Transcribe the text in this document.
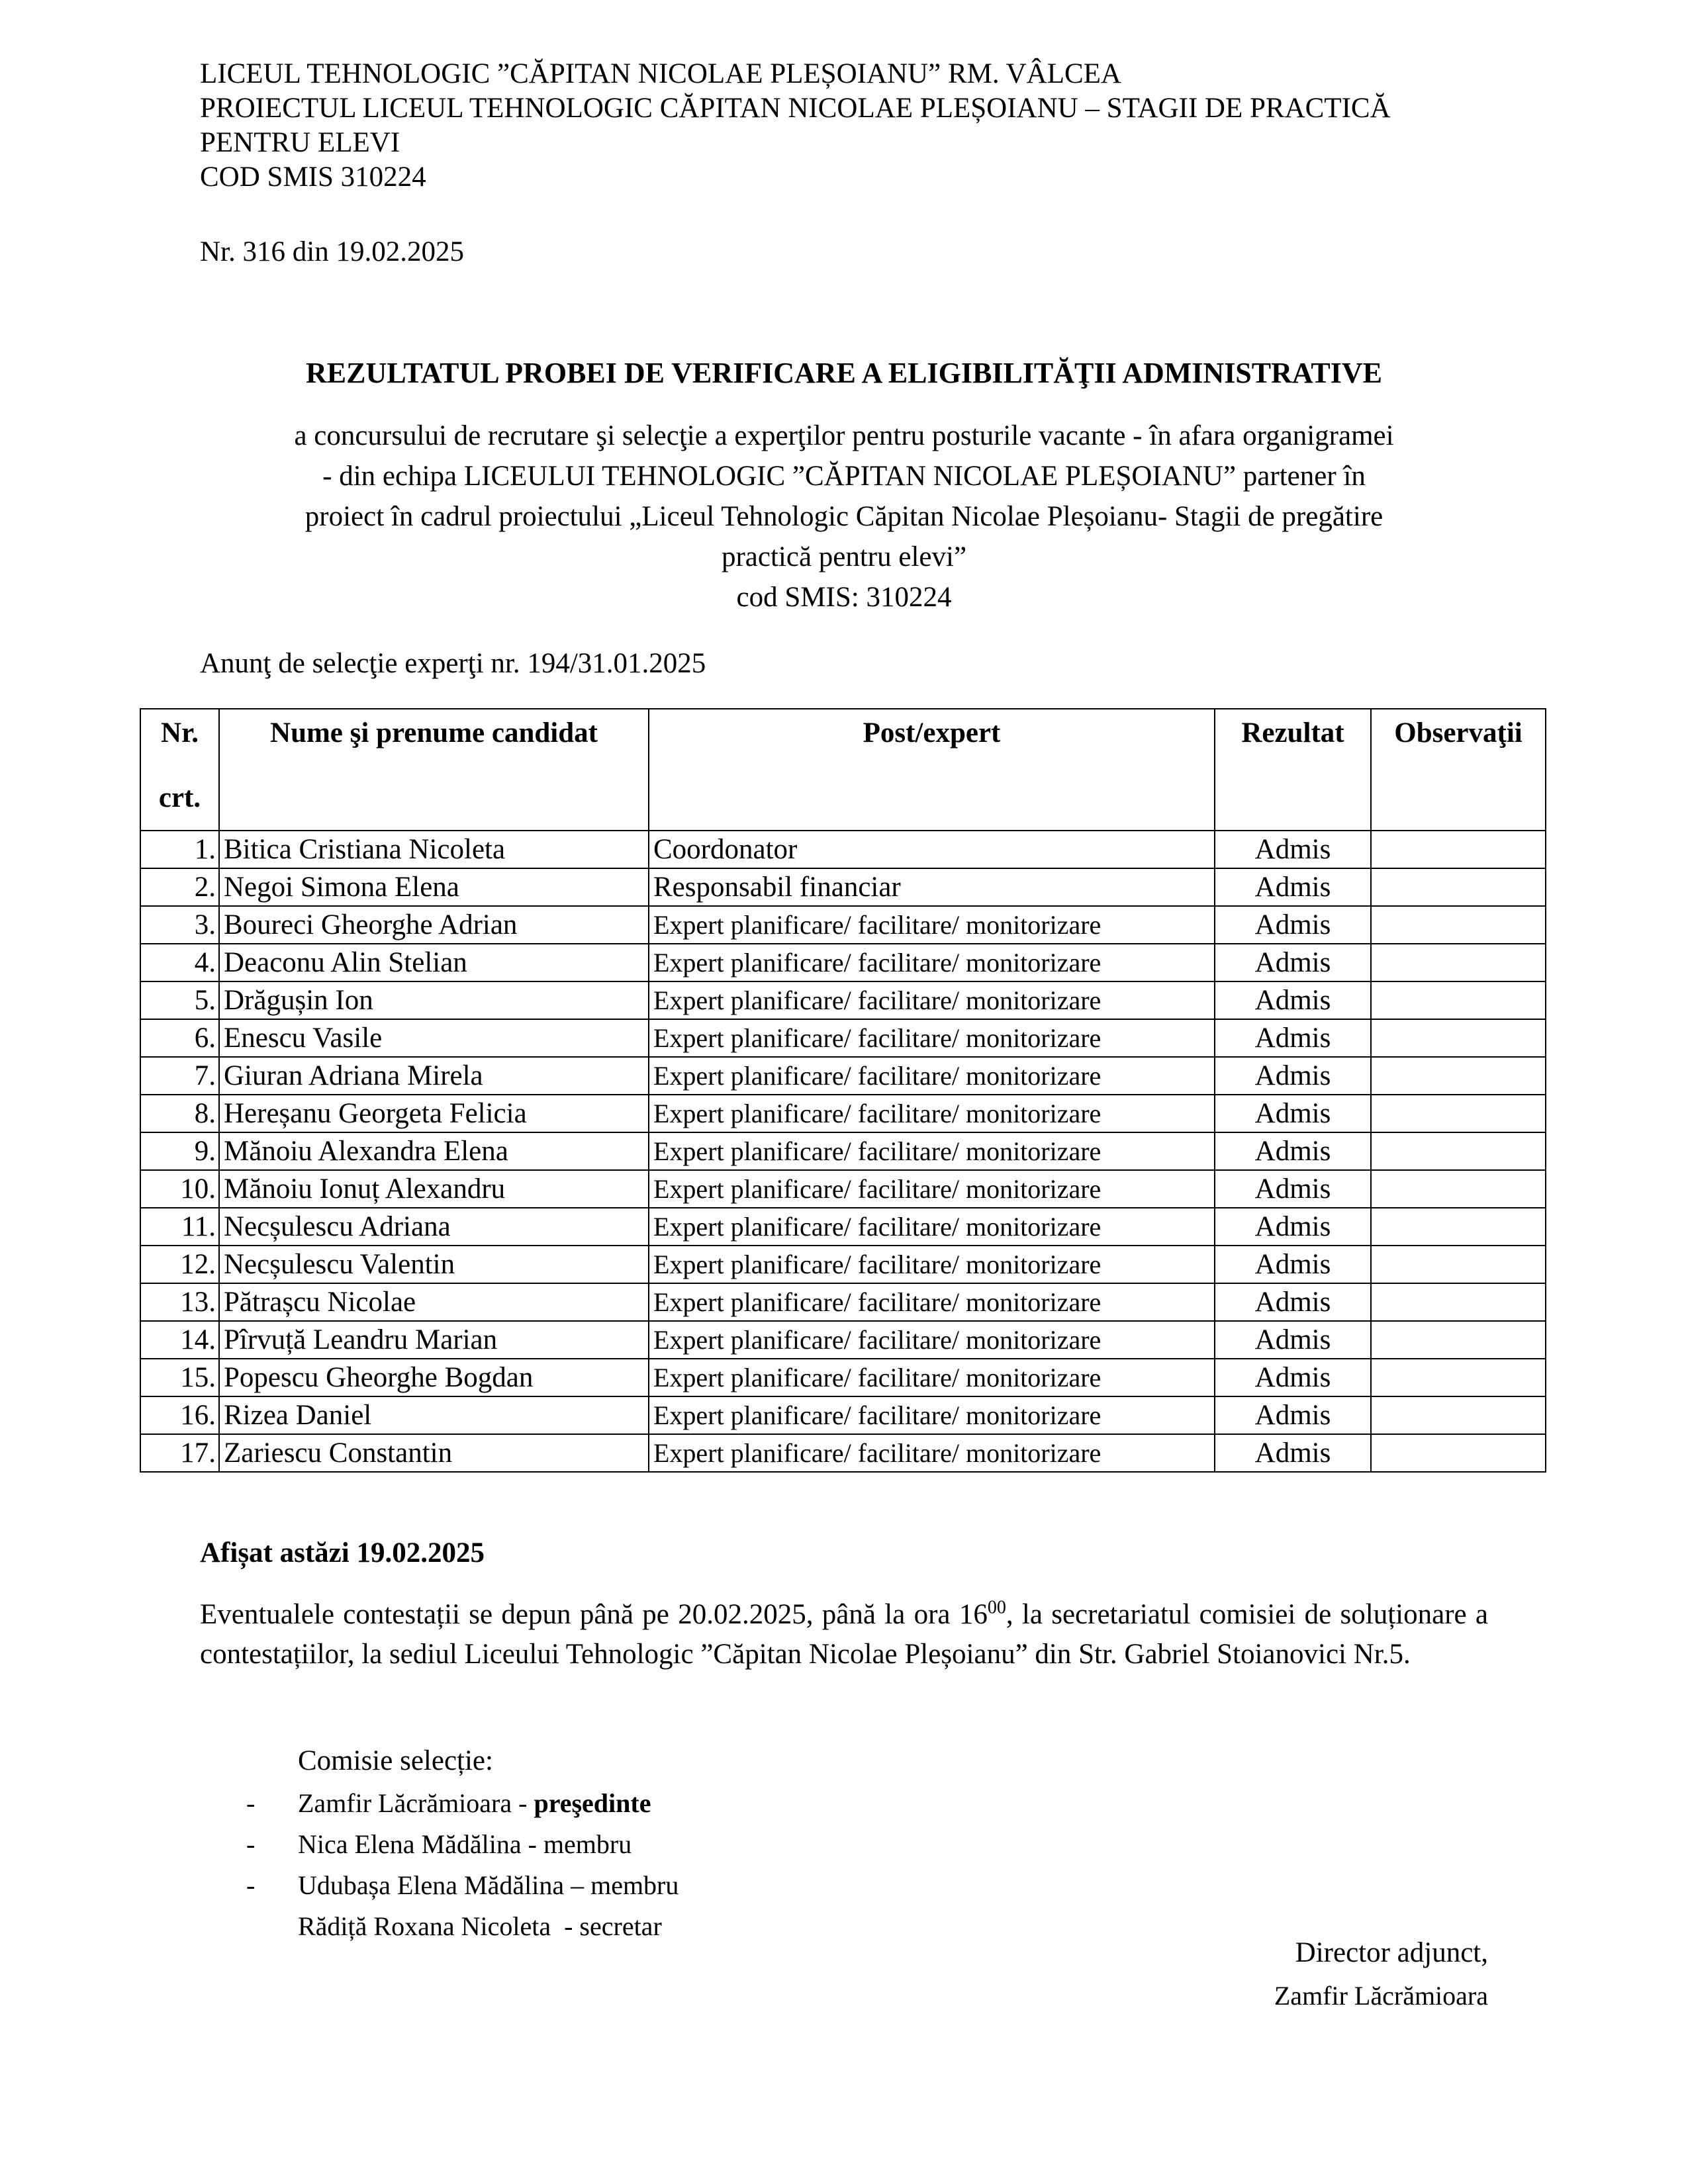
LICEUL TEHNOLOGIC ”CĂPITAN NICOLAE PLEȘOIANU” RM. VÂLCEA
PROIECTUL LICEUL TEHNOLOGIC CĂPITAN NICOLAE PLEȘOIANU – STAGII DE PRACTICĂ
PENTRU ELEVI
COD SMIS 310224
Nr. 316 din 19.02.2025
REZULTATUL PROBEI DE VERIFICARE A ELIGIBILITĂŢII ADMINISTRATIVE
a concursului de recrutare şi selecţie a experţilor pentru posturile vacante - în afara organigramei
- din echipa LICEULUI TEHNOLOGIC ”CĂPITAN NICOLAE PLEȘOIANU” partener în
proiect în cadrul proiectului „Liceul Tehnologic Căpitan Nicolae Pleșoianu- Stagii de pregătire
practică pentru elevi”
cod SMIS: 310224
Anunţ de selecţie experţi nr. 194/31.01.2025
Nr.
crt.	Nume şi prenume candidat	Post/expert	Rezultat	Observaţii
1.	Bitica Cristiana Nicoleta	Coordonator	Admis	
2.	Negoi Simona Elena	Responsabil financiar	Admis	
3.	Boureci Gheorghe Adrian	Expert planificare/ facilitare/ monitorizare	Admis	
4.	Deaconu Alin Stelian	Expert planificare/ facilitare/ monitorizare	Admis	
5.	Drăgușin Ion	Expert planificare/ facilitare/ monitorizare	Admis	
6.	Enescu Vasile	Expert planificare/ facilitare/ monitorizare	Admis	
7.	Giuran Adriana Mirela	Expert planificare/ facilitare/ monitorizare	Admis	
8.	Hereșanu Georgeta Felicia	Expert planificare/ facilitare/ monitorizare	Admis	
9.	Mănoiu Alexandra Elena	Expert planificare/ facilitare/ monitorizare	Admis	
10.	Mănoiu Ionuț Alexandru	Expert planificare/ facilitare/ monitorizare	Admis	
11.	Necșulescu Adriana	Expert planificare/ facilitare/ monitorizare	Admis	
12.	Necșulescu Valentin	Expert planificare/ facilitare/ monitorizare	Admis	
13.	Pătrașcu Nicolae	Expert planificare/ facilitare/ monitorizare	Admis	
14.	Pîrvuță Leandru Marian	Expert planificare/ facilitare/ monitorizare	Admis	
15.	Popescu Gheorghe Bogdan	Expert planificare/ facilitare/ monitorizare	Admis	
16.	Rizea Daniel	Expert planificare/ facilitare/ monitorizare	Admis	
17.	Zariescu Constantin	Expert planificare/ facilitare/ monitorizare	Admis	
Afișat astăzi 19.02.2025
Eventualele contestații se depun până pe 20.02.2025, până la ora $16^{00}$, la secretariatul comisiei de soluționare a contestațiilor, la sediul Liceului Tehnologic ”Căpitan Nicolae Pleșoianu” din Str. Gabriel Stoianovici Nr.5.
Comisie selecție:
- Zamfir Lăcrămioara - preşedinte
- Nica Elena Mădălina - membru
- Udubașa Elena Mădălina – membru
Rădiță Roxana Nicoleta  - secretar
Director adjunct,
Zamfir Lăcrămioara
